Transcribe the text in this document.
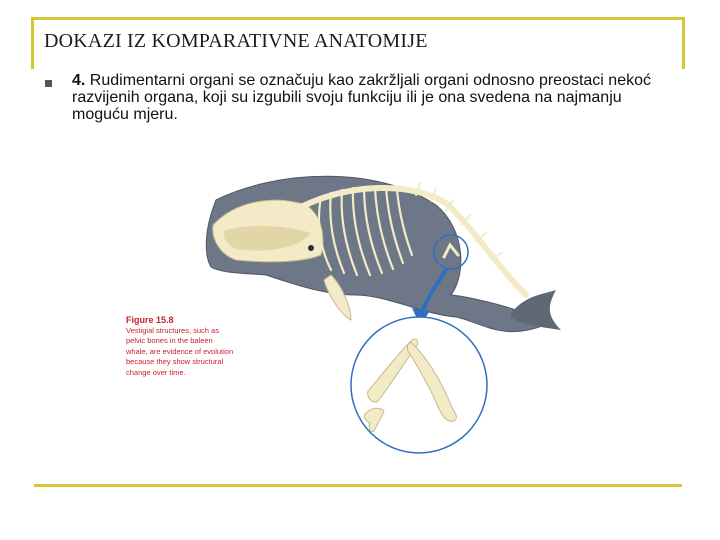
DOKAZI IZ KOMPARATIVNE ANATOMIJE
4. Rudimentarni organi se označuju kao zakržljali organi odnosno preostaci nekoć razvijenih organa, koji su izgubili svoju funkciju ili je ona svedena na najmanju moguću mjeru.
Figure 15.8
Vestigial structures, such as pelvic bones in the baleen whale, are evidence of evolution because they show structural change over time.
